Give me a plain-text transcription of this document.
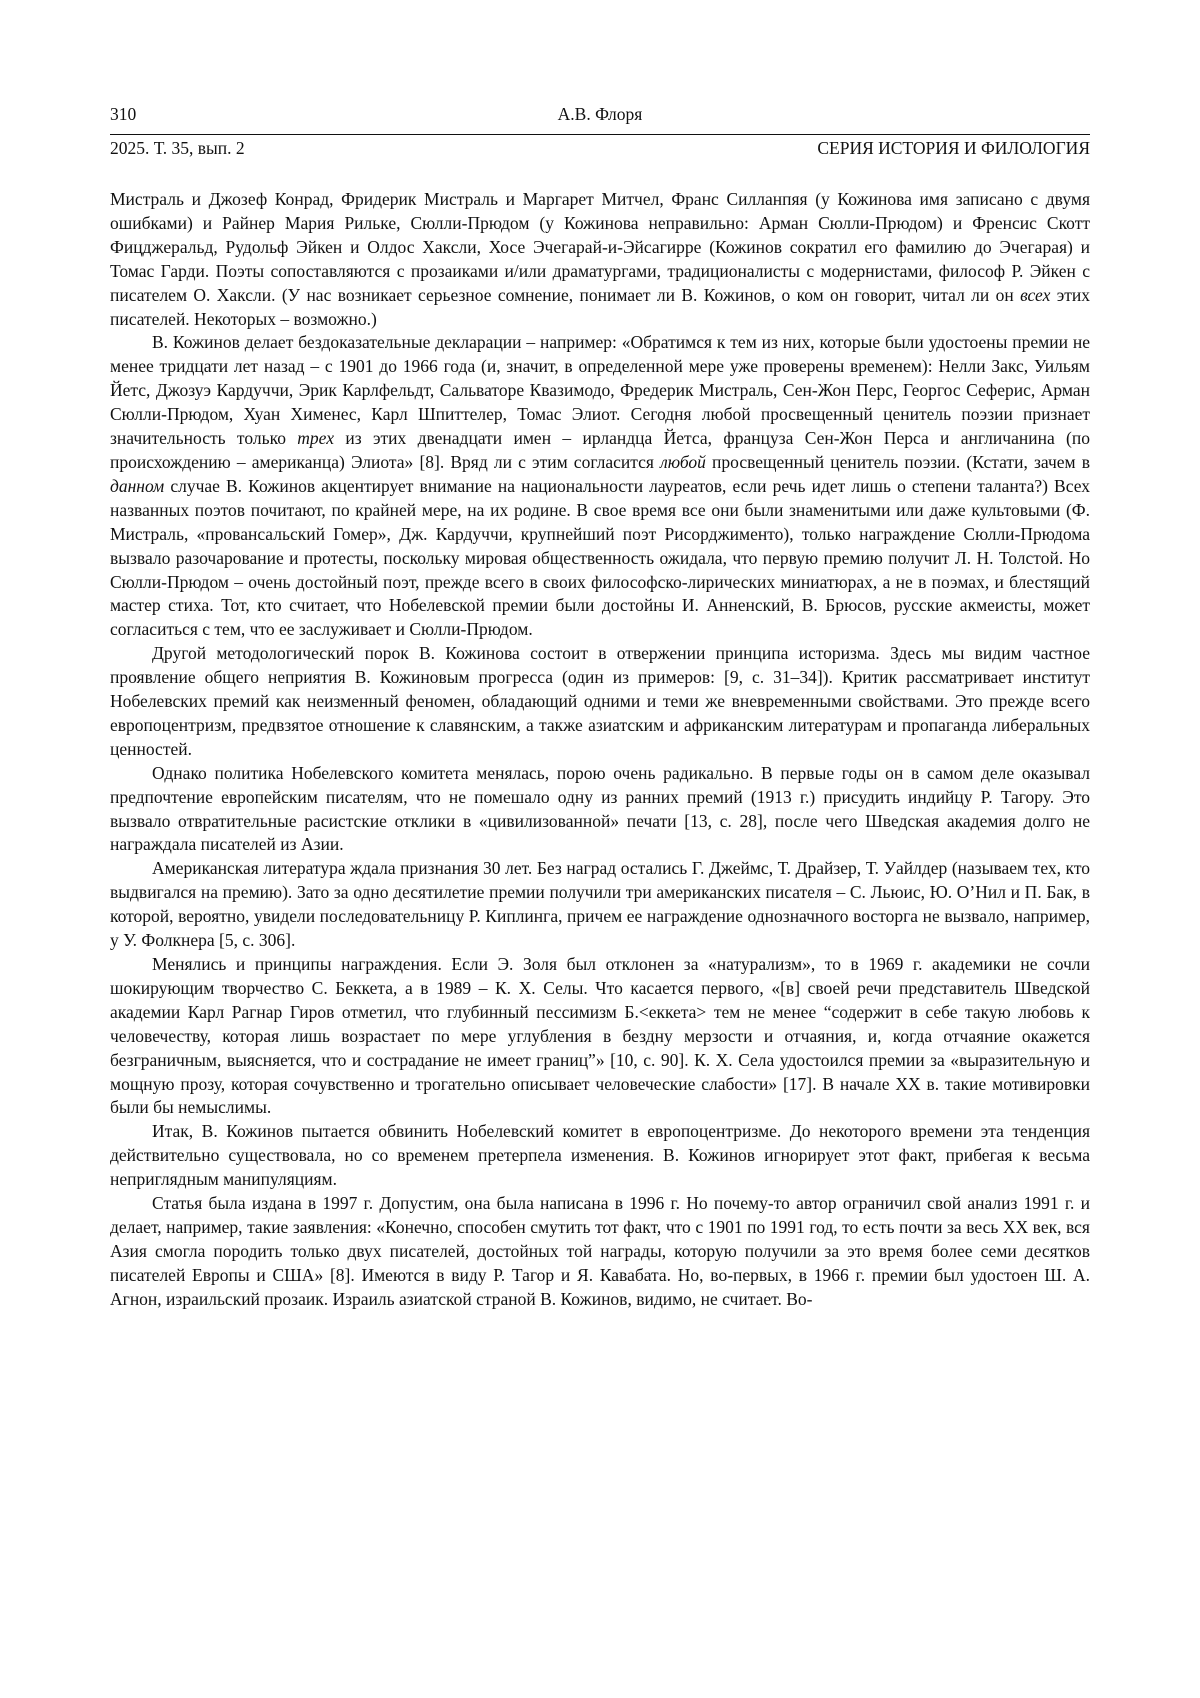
310	А.В. Флоря
2025. Т. 35, вып. 2	СЕРИЯ ИСТОРИЯ И ФИЛОЛОГИЯ

Мистраль и Джозеф Конрад, Фридерик Мистраль и Маргарет Митчел, Франс Силланпяя (у Кожинова имя записано с двумя ошибками) и Райнер Мария Рильке, Сюлли-Прюдом (у Кожинова неправильно: Арман Сюлли-Прюдом) и Френсис Скотт Фицджеральд, Рудольф Эйкен и Олдос Хаксли, Хосе Эчегарай-и-Эйсагирре (Кожинов сократил его фамилию до Эчегарая) и Томас Гарди. Поэты сопоставляются с прозаиками и/или драматургами, традиционалисты с модернистами, философ Р. Эйкен с писателем О. Хаксли. (У нас возникает серьезное сомнение, понимает ли В. Кожинов, о ком он говорит, читал ли он всех этих писателей. Некоторых – возможно.)

В. Кожинов делает бездоказательные декларации – например: «Обратимся к тем из них, которые были удостоены премии не менее тридцати лет назад – с 1901 до 1966 года (и, значит, в определенной мере уже проверены временем): Нелли Закс, Уильям Йетс, Джозуэ Кардуччи, Эрик Карлфельдт, Сальваторе Квазимодо, Фредерик Мистраль, Сен-Жон Перс, Георгос Сеферис, Арман Сюлли-Прюдом, Хуан Хименес, Карл Шпиттелер, Томас Элиот. Сегодня любой просвещенный ценитель поэзии признает значительность только трех из этих двенадцати имен – ирландца Йетса, француза Сен-Жон Перса и англичанина (по происхождению – американца) Элиота» [8]. Вряд ли с этим согласится любой просвещенный ценитель поэзии. (Кстати, зачем в данном случае В. Кожинов акцентирует внимание на национальности лауреатов, если речь идет лишь о степени таланта?) Всех названных поэтов почитают, по крайней мере, на их родине. В свое время все они были знаменитыми или даже культовыми (Ф. Мистраль, «провансальский Гомер», Дж. Кардуччи, крупнейший поэт Рисорджименто), только награждение Сюлли-Прюдома вызвало разочарование и протесты, поскольку мировая общественность ожидала, что первую премию получит Л. Н. Толстой. Но Сюлли-Прюдом – очень достойный поэт, прежде всего в своих философско-лирических миниатюрах, а не в поэмах, и блестящий мастер стиха. Тот, кто считает, что Нобелевской премии были достойны И. Анненский, В. Брюсов, русские акмеисты, может согласиться с тем, что ее заслуживает и Сюлли-Прюдом.

Другой методологический порок В. Кожинова состоит в отвержении принципа историзма. Здесь мы видим частное проявление общего неприятия В. Кожиновым прогресса (один из примеров: [9, с. 31–34]). Критик рассматривает институт Нобелевских премий как неизменный феномен, обладающий одними и теми же вневременными свойствами. Это прежде всего европоцентризм, предвзятое отношение к славянским, а также азиатским и африканским литературам и пропаганда либеральных ценностей.

Однако политика Нобелевского комитета менялась, порою очень радикально. В первые годы он в самом деле оказывал предпочтение европейским писателям, что не помешало одну из ранних премий (1913 г.) присудить индийцу Р. Тагору. Это вызвало отвратительные расистские отклики в «цивилизованной» печати [13, с. 28], после чего Шведская академия долго не награждала писателей из Азии.

Американская литература ждала признания 30 лет. Без наград остались Г. Джеймс, Т. Драйзер, Т. Уайлдер (называем тех, кто выдвигался на премию). Зато за одно десятилетие премии получили три американских писателя – С. Льюис, Ю. О’Нил и П. Бак, в которой, вероятно, увидели последовательницу Р. Киплинга, причем ее награждение однозначного восторга не вызвало, например, у У. Фолкнера [5, с. 306].

Менялись и принципы награждения. Если Э. Золя был отклонен за «натурализм», то в 1969 г. академики не сочли шокирующим творчество С. Беккета, а в 1989 – К. Х. Селы. Что касается первого, «[в] своей речи представитель Шведской академии Карл Рагнар Гиров отметил, что глубинный пессимизм Б.<еккета> тем не менее “содержит в себе такую любовь к человечеству, которая лишь возрастает по мере углубления в бездну мерзости и отчаяния, и, когда отчаяние окажется безграничным, выясняется, что и сострадание не имеет границ”» [10, с. 90]. К. Х. Села удостоился премии за «выразительную и мощную прозу, которая сочувственно и трогательно описывает человеческие слабости» [17]. В начале XX в. такие мотивировки были бы немыслимы.

Итак, В. Кожинов пытается обвинить Нобелевский комитет в европоцентризме. До некоторого времени эта тенденция действительно существовала, но со временем претерпела изменения. В. Кожинов игнорирует этот факт, прибегая к весьма неприглядным манипуляциям.

Статья была издана в 1997 г. Допустим, она была написана в 1996 г. Но почему-то автор ограничил свой анализ 1991 г. и делает, например, такие заявления: «Конечно, способен смутить тот факт, что с 1901 по 1991 год, то есть почти за весь XX век, вся Азия смогла породить только двух писателей, достойных той награды, которую получили за это время более семи десятков писателей Европы и США» [8]. Имеются в виду Р. Тагор и Я. Кавабата. Но, во-первых, в 1966 г. премии был удостоен Ш. А. Агнон, израильский прозаик. Израиль азиатской страной В. Кожинов, видимо, не считает. Во-
